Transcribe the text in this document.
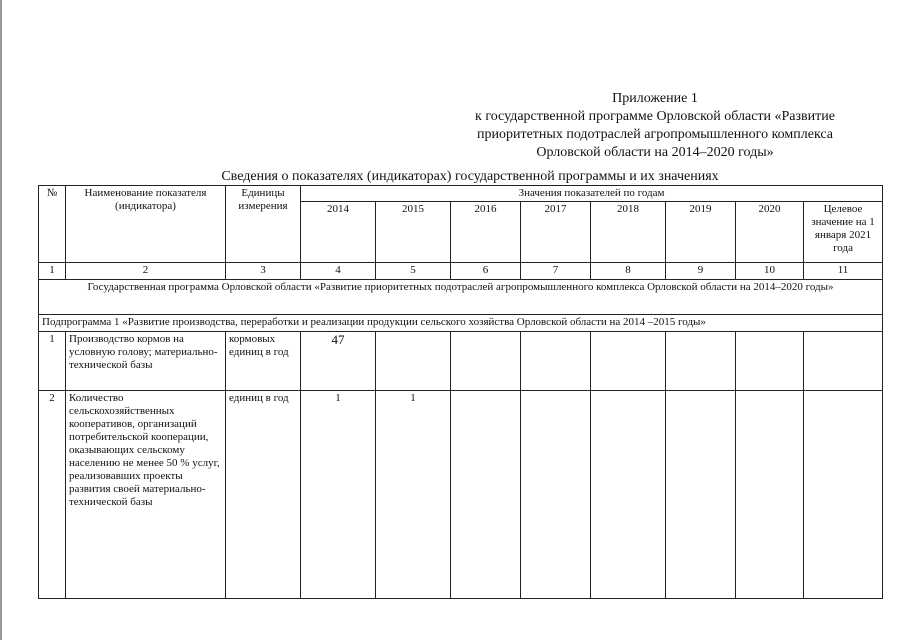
Приложение 1
к государственной программе Орловской области «Развитие
приоритетных подотраслей агропромышленного комплекса
Орловской области на 2014–2020 годы»
Сведения о показателях (индикаторах) государственной программы и их значениях
№	Наименование показателя (индикатора)	Единицы измерения	Значения показателей по годам							
			2014	2015	2016	2017	2018	2019	2020	Целевое значение на 1 января 2021 года
1	2	3	4	5	6	7	8	9	10	11
Государственная программа Орловской области «Развитие приоритетных подотраслей агропромышленного комплекса Орловской области на 2014–2020 годы»										
Подпрограмма 1 «Развитие производства, переработки и реализации продукции сельского хозяйства Орловской области на 2014 –2015 годы»										
1	Производство кормов на условную голову; материально-технической базы	кормовых единиц в год	47							
2	Количество сельскохозяйственных кооперативов, организаций потребительской кооперации, оказывающих сельскому населению не менее 50 % услуг, реализовавших проекты развития своей материально-технической базы	единиц в год	1	1						
